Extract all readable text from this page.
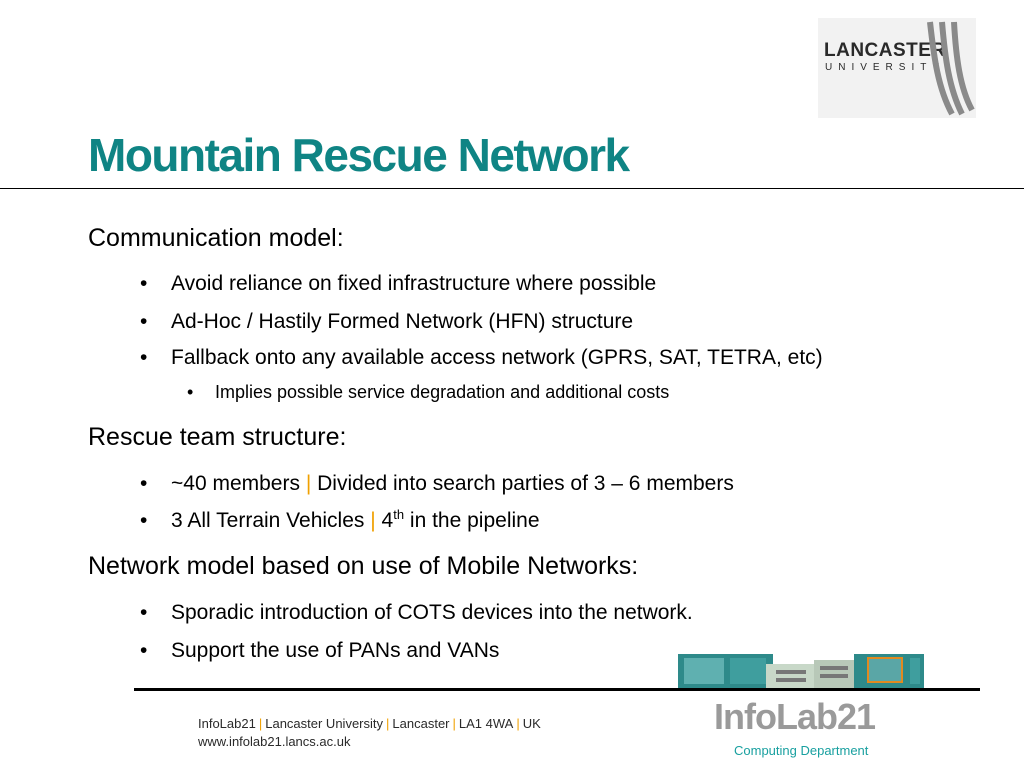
LANCASTER
UNIVERSITY
Mountain Rescue Network
Communication model:
• Avoid reliance on fixed infrastructure where possible
• Ad-Hoc / Hastily Formed Network (HFN) structure
• Fallback onto any available access network (GPRS, SAT, TETRA, etc)
• Implies possible service degradation and additional costs
Rescue team structure:
• ~40 members | Divided into search parties of 3 – 6 members
• 3 All Terrain Vehicles | 4th in the pipeline
Network model based on use of Mobile Networks:
• Sporadic introduction of COTS devices into the network.
• Support the use of PANs and VANs
InfoLab21 | Lancaster University | Lancaster | LA1 4WA | UK
www.infolab21.lancs.ac.uk
InfoLab21
Computing Department
